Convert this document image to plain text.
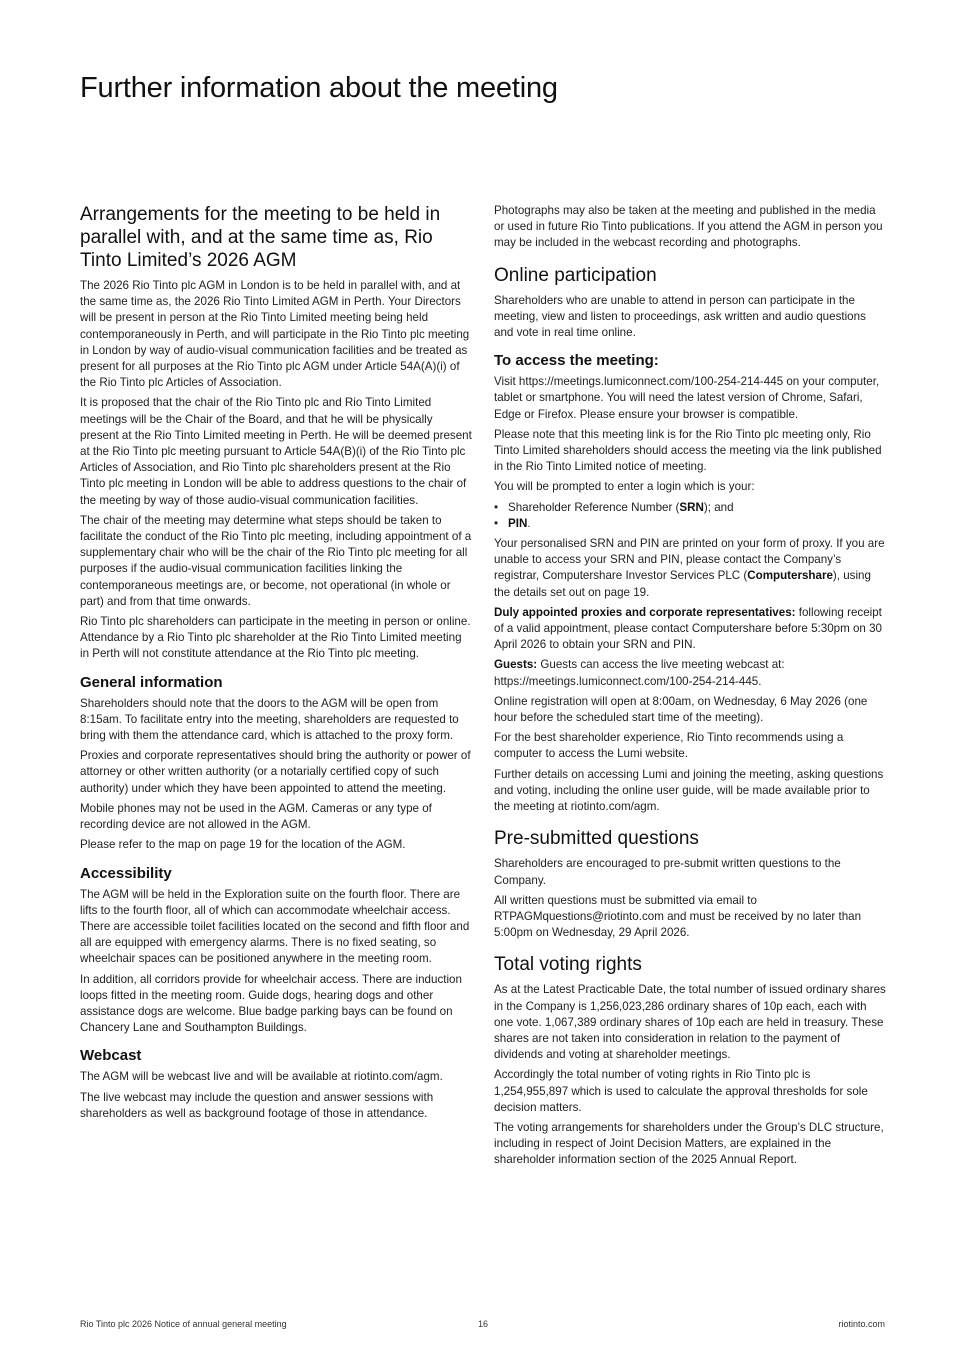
Further information about the meeting
Arrangements for the meeting to be held in parallel with, and at the same time as, Rio Tinto Limited’s 2026 AGM

The 2026 Rio Tinto plc AGM in London is to be held in parallel with, and at the same time as, the 2026 Rio Tinto Limited AGM in Perth. Your Directors will be present in person at the Rio Tinto Limited meeting being held contemporaneously in Perth, and will participate in the Rio Tinto plc meeting in London by way of audio-visual communication facilities and be treated as present for all purposes at the Rio Tinto plc AGM under Article 54A(A)(i) of the Rio Tinto plc Articles of Association.

It is proposed that the chair of the Rio Tinto plc and Rio Tinto Limited meetings will be the Chair of the Board, and that he will be physically present at the Rio Tinto Limited meeting in Perth. He will be deemed present at the Rio Tinto plc meeting pursuant to Article 54A(B)(i) of the Rio Tinto plc Articles of Association, and Rio Tinto plc shareholders present at the Rio Tinto plc meeting in London will be able to address questions to the chair of the meeting by way of those audio-visual communication facilities.

The chair of the meeting may determine what steps should be taken to facilitate the conduct of the Rio Tinto plc meeting, including appointment of a supplementary chair who will be the chair of the Rio Tinto plc meeting for all purposes if the audio-visual communication facilities linking the contemporaneous meetings are, or become, not operational (in whole or part) and from that time onwards.

Rio Tinto plc shareholders can participate in the meeting in person or online. Attendance by a Rio Tinto plc shareholder at the Rio Tinto Limited meeting in Perth will not constitute attendance at the Rio Tinto plc meeting.

General information

Shareholders should note that the doors to the AGM will be open from 8:15am. To facilitate entry into the meeting, shareholders are requested to bring with them the attendance card, which is attached to the proxy form.

Proxies and corporate representatives should bring the authority or power of attorney or other written authority (or a notarially certified copy of such authority) under which they have been appointed to attend the meeting.

Mobile phones may not be used in the AGM. Cameras or any type of recording device are not allowed in the AGM.

Please refer to the map on page 19 for the location of the AGM.

Accessibility

The AGM will be held in the Exploration suite on the fourth floor. There are lifts to the fourth floor, all of which can accommodate wheelchair access. There are accessible toilet facilities located on the second and fifth floor and all are equipped with emergency alarms. There is no fixed seating, so wheelchair spaces can be positioned anywhere in the meeting room.

In addition, all corridors provide for wheelchair access. There are induction loops fitted in the meeting room. Guide dogs, hearing dogs and other assistance dogs are welcome. Blue badge parking bays can be found on Chancery Lane and Southampton Buildings.

Webcast

The AGM will be webcast live and will be available at riotinto.com/agm.

The live webcast may include the question and answer sessions with shareholders as well as background footage of those in attendance.

Photographs may also be taken at the meeting and published in the media or used in future Rio Tinto publications. If you attend the AGM in person you may be included in the webcast recording and photographs.

Online participation

Shareholders who are unable to attend in person can participate in the meeting, view and listen to proceedings, ask written and audio questions and vote in real time online.

To access the meeting:

Visit https://meetings.lumiconnect.com/100-254-214-445 on your computer, tablet or smartphone. You will need the latest version of Chrome, Safari, Edge or Firefox. Please ensure your browser is compatible.

Please note that this meeting link is for the Rio Tinto plc meeting only, Rio Tinto Limited shareholders should access the meeting via the link published in the Rio Tinto Limited notice of meeting.

You will be prompted to enter a login which is your:

• Shareholder Reference Number (SRN); and
• PIN.

Your personalised SRN and PIN are printed on your form of proxy. If you are unable to access your SRN and PIN, please contact the Company’s registrar, Computershare Investor Services PLC (Computershare), using the details set out on page 19.

Duly appointed proxies and corporate representatives: following receipt of a valid appointment, please contact Computershare before 5:30pm on 30 April 2026 to obtain your SRN and PIN.

Guests: Guests can access the live meeting webcast at: https://meetings.lumiconnect.com/100-254-214-445.

Online registration will open at 8:00am, on Wednesday, 6 May 2026 (one hour before the scheduled start time of the meeting).

For the best shareholder experience, Rio Tinto recommends using a computer to access the Lumi website.

Further details on accessing Lumi and joining the meeting, asking questions and voting, including the online user guide, will be made available prior to the meeting at riotinto.com/agm.

Pre-submitted questions

Shareholders are encouraged to pre-submit written questions to the Company.

All written questions must be submitted via email to RTPAGMquestions@riotinto.com and must be received by no later than 5:00pm on Wednesday, 29 April 2026.

Total voting rights

As at the Latest Practicable Date, the total number of issued ordinary shares in the Company is 1,256,023,286 ordinary shares of 10p each, each with one vote. 1,067,389 ordinary shares of 10p each are held in treasury. These shares are not taken into consideration in relation to the payment of dividends and voting at shareholder meetings.

Accordingly the total number of voting rights in Rio Tinto plc is 1,254,955,897 which is used to calculate the approval thresholds for sole decision matters.

The voting arrangements for shareholders under the Group’s DLC structure, including in respect of Joint Decision Matters, are explained in the shareholder information section of the 2025 Annual Report.

Rio Tinto plc 2026 Notice of annual general meeting	16	riotinto.com
